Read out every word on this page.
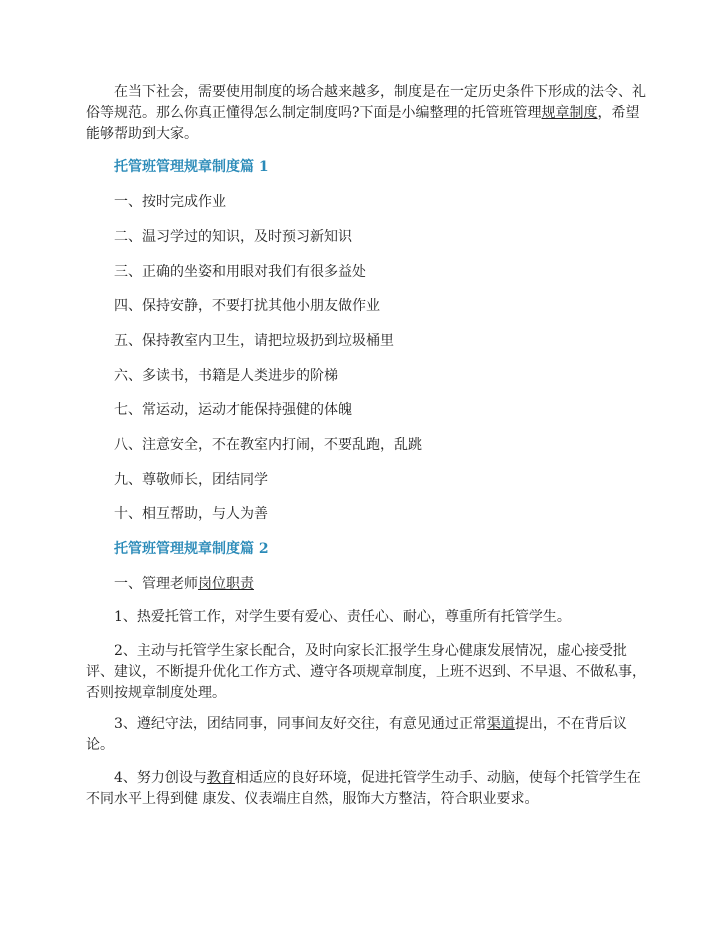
在当下社会，需要使用制度的场合越来越多，制度是在一定历史条件下形成的法令、礼俗等规范。那么你真正懂得怎么制定制度吗?下面是小编整理的托管班管理规章制度，希望能够帮助到大家。

托管班管理规章制度篇 1

一、按时完成作业

二、温习学过的知识，及时预习新知识

三、正确的坐姿和用眼对我们有很多益处

四、保持安静，不要打扰其他小朋友做作业

五、保持教室内卫生，请把垃圾扔到垃圾桶里

六、多读书，书籍是人类进步的阶梯

七、常运动，运动才能保持强健的体魄

八、注意安全，不在教室内打闹，不要乱跑，乱跳

九、尊敬师长，团结同学

十、相互帮助，与人为善

托管班管理规章制度篇 2

一、管理老师岗位职责

1、热爱托管工作，对学生要有爱心、责任心、耐心，尊重所有托管学生。

2、主动与托管学生家长配合，及时向家长汇报学生身心健康发展情况，虚心接受批评、建议，不断提升优化工作方式、遵守各项规章制度，上班不迟到、不早退、不做私事，否则按规章制度处理。

3、遵纪守法，团结同事，同事间友好交往，有意见通过正常渠道提出，不在背后议论。

4、努力创设与教育相适应的良好环境，促进托管学生动手、动脑，使每个托管学生在不同水平上得到健 康发、仪表端庄自然，服饰大方整洁，符合职业要求。
